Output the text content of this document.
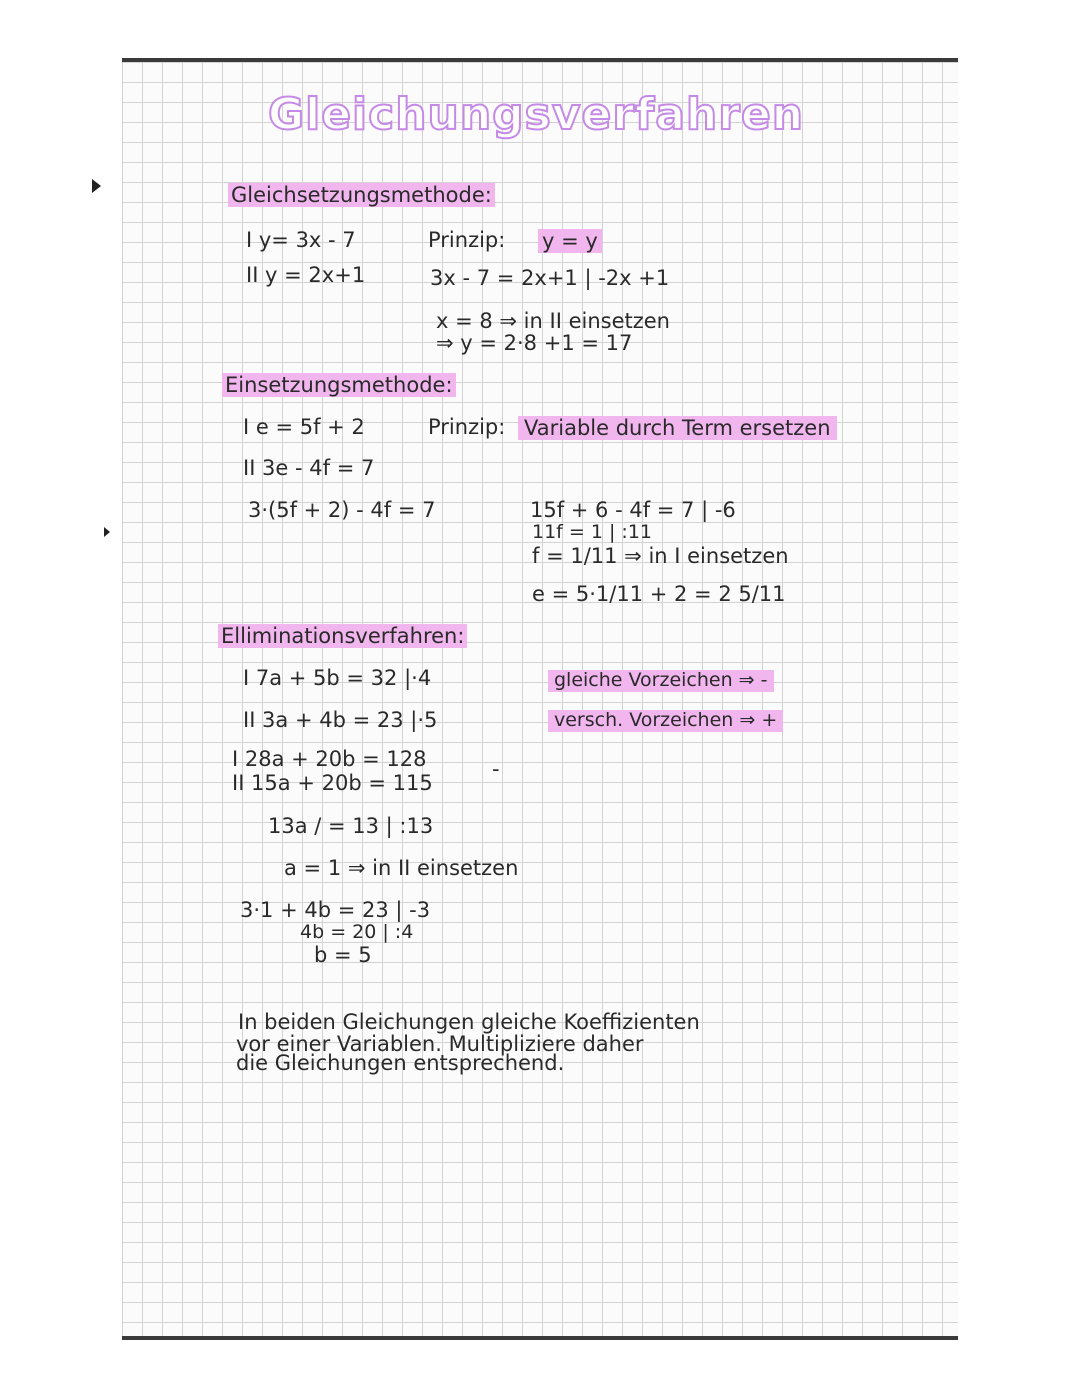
Gleichungsverfahren
Gleichsetzungsmethode:
I y= 3x - 7
II y = 2x+1
Prinzip: y = y
3x - 7 = 2x+1 | -2x +1
x = 8 ⇒ in II einsetzen
⇒ y = 2·8 +1 = 17
Einsetzungsmethode:
I e = 5f + 2	Prinzip: Variable durch Term ersetzen
II 3e - 4f = 7
3·(5f + 2) - 4f = 7	15f + 6 - 4f = 7 | -6
11f = 1 | :11
f = 1/11 ⇒ in I einsetzen
e = 5·1/11 + 2 = 2 5/11
Elliminationsverfahren:
I 7a + 5b = 32 |·4
II 3a + 4b = 23 |·5
gleiche Vorzeichen ⇒ -
versch. Vorzeichen ⇒ +
I 28a + 20b = 128
II 15a + 20b = 115
-
13a / = 13 | :13
a = 1 ⇒ in II einsetzen
3·1 + 4b = 23 | -3
4b = 20 | :4
b = 5
In beiden Gleichungen gleiche Koeffizienten
vor einer Variablen. Multipliziere daher
die Gleichungen entsprechend.
